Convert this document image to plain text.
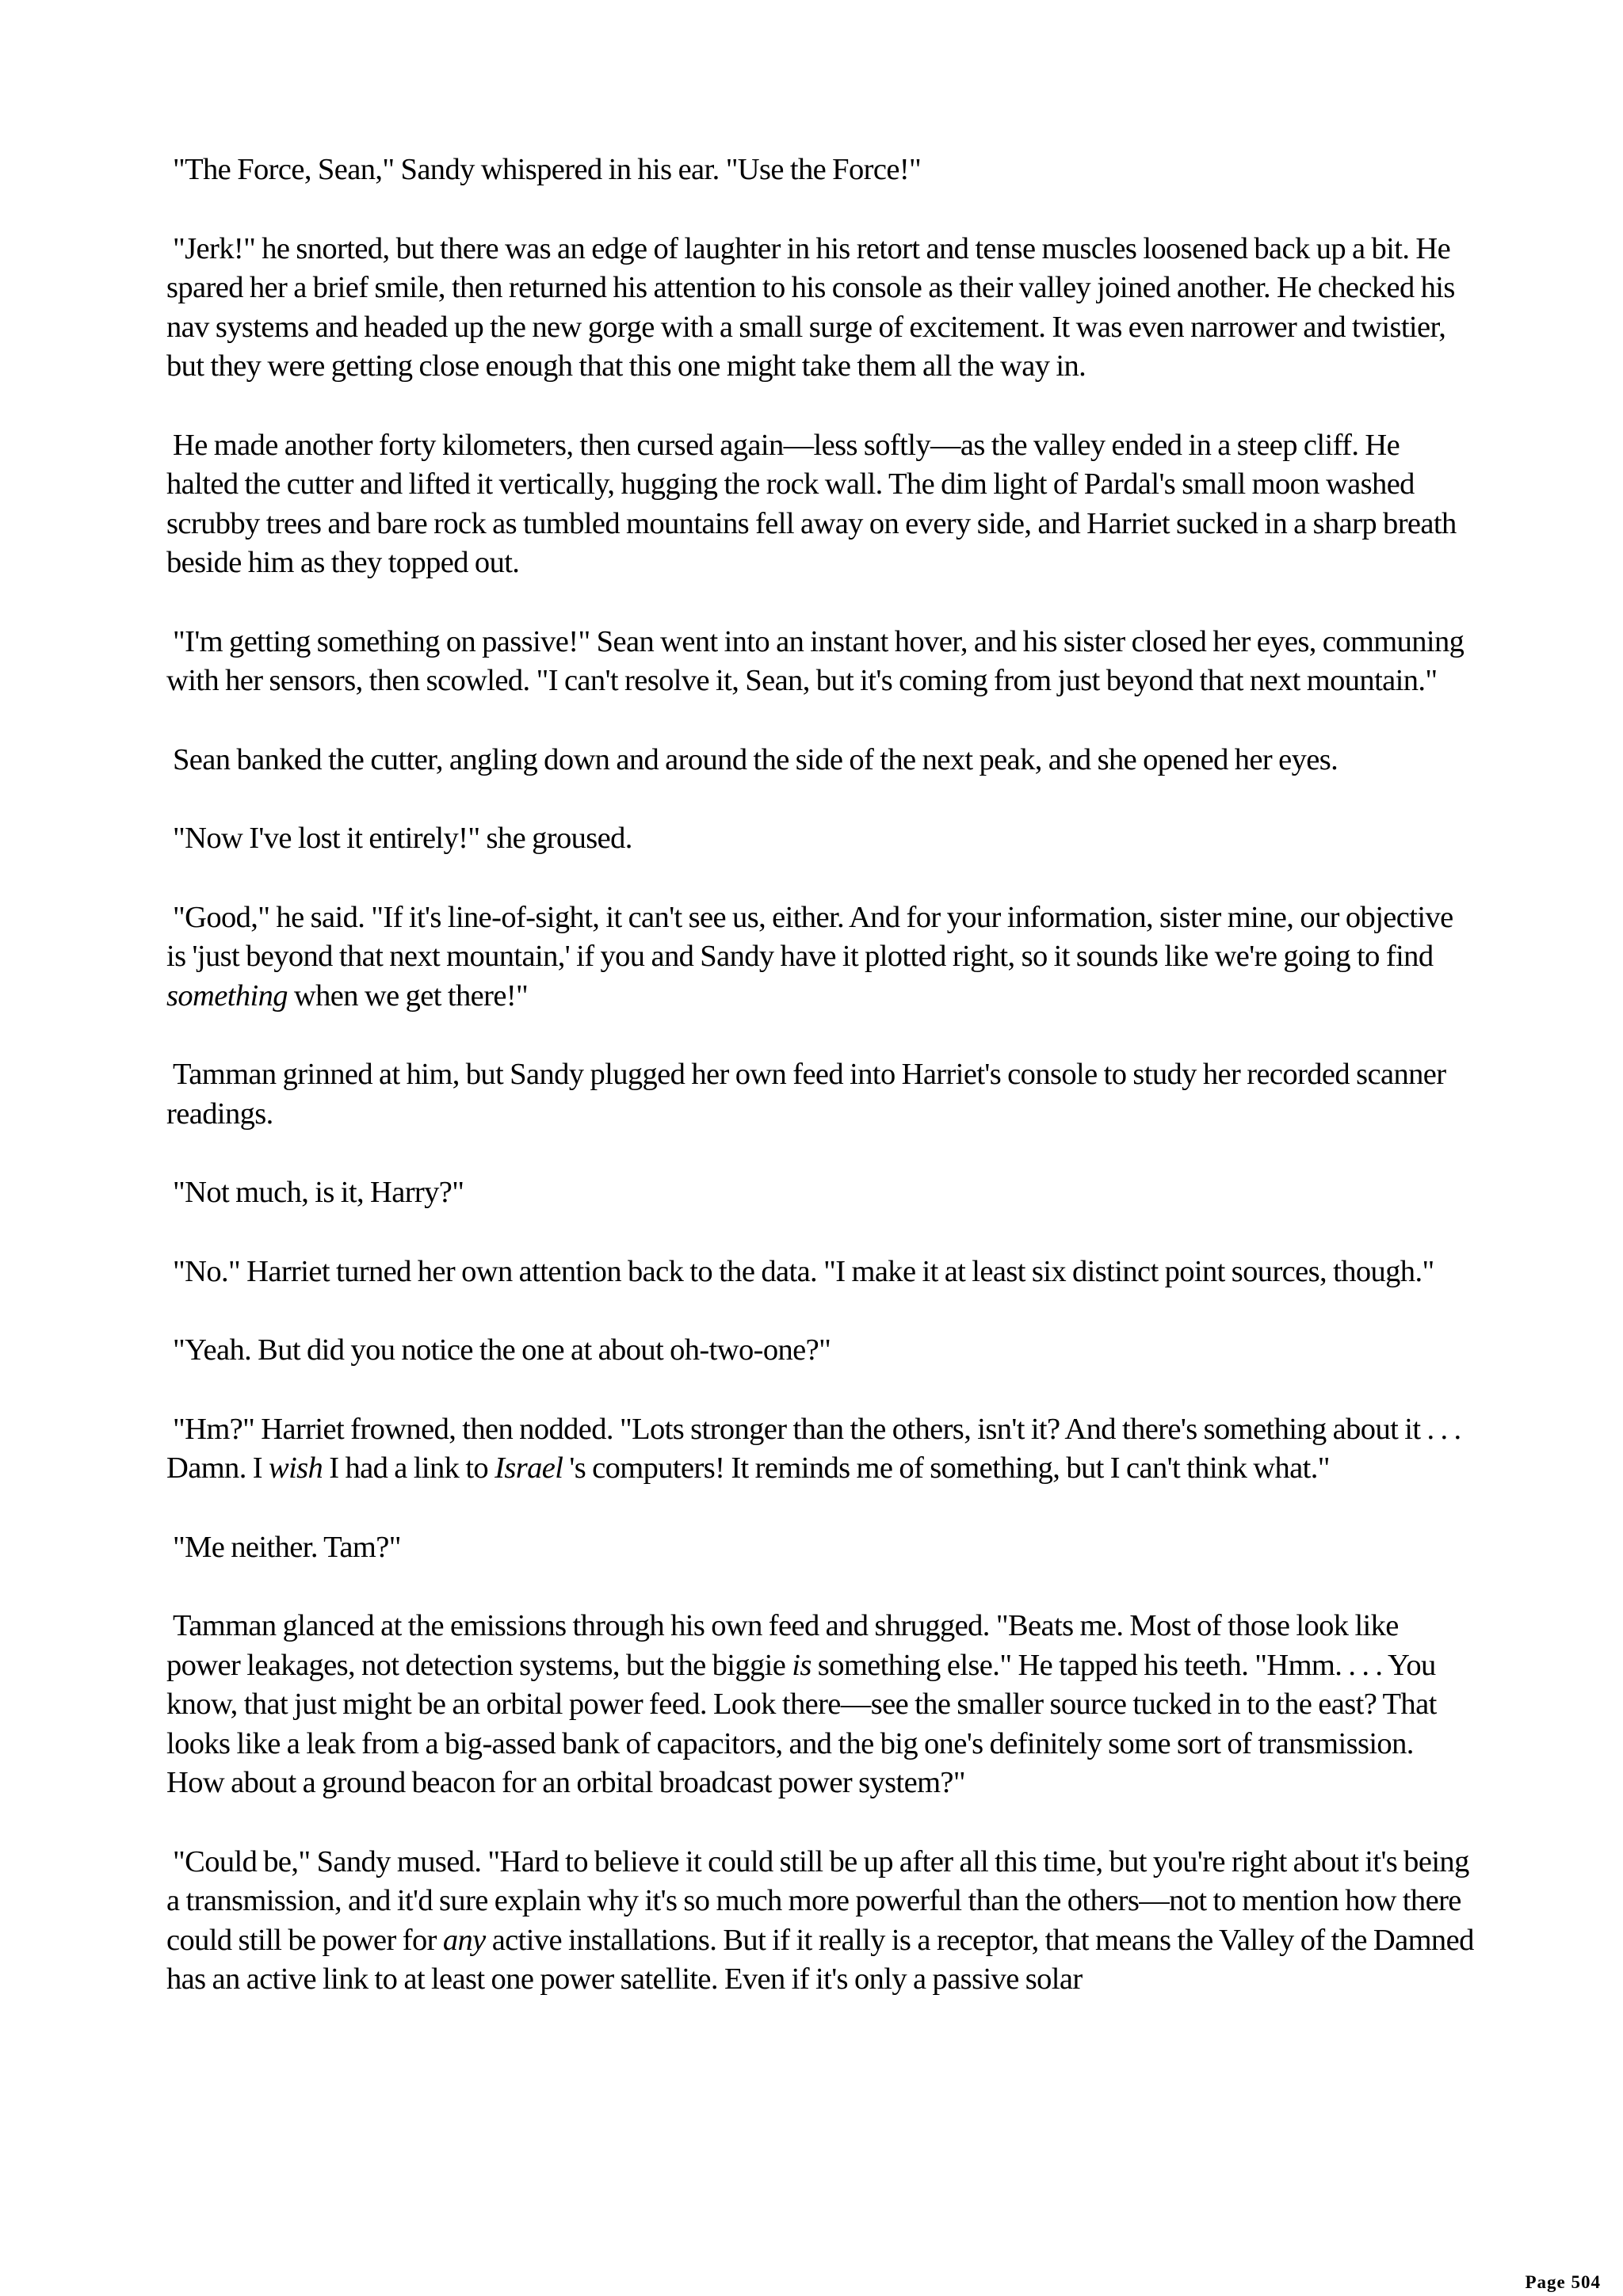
"The Force, Sean," Sandy whispered in his ear. "Use the Force!"

"Jerk!" he snorted, but there was an edge of laughter in his retort and tense muscles loosened back up a bit. He spared her a brief smile, then returned his attention to his console as their valley joined another. He checked his nav systems and headed up the new gorge with a small surge of excitement. It was even narrower and twistier, but they were getting close enough that this one might take them all the way in.

He made another forty kilometers, then cursed again—less softly—as the valley ended in a steep cliff. He halted the cutter and lifted it vertically, hugging the rock wall. The dim light of Pardal's small moon washed scrubby trees and bare rock as tumbled mountains fell away on every side, and Harriet sucked in a sharp breath beside him as they topped out.

"I'm getting something on passive!" Sean went into an instant hover, and his sister closed her eyes, communing with her sensors, then scowled. "I can't resolve it, Sean, but it's coming from just beyond that next mountain."

Sean banked the cutter, angling down and around the side of the next peak, and she opened her eyes.

"Now I've lost it entirely!" she groused.

"Good," he said. "If it's line-of-sight, it can't see us, either. And for your information, sister mine, our objective is 'just beyond that next mountain,' if you and Sandy have it plotted right, so it sounds like we're going to find something when we get there!"

Tamman grinned at him, but Sandy plugged her own feed into Harriet's console to study her recorded scanner readings.

"Not much, is it, Harry?"

"No." Harriet turned her own attention back to the data. "I make it at least six distinct point sources, though."

"Yeah. But did you notice the one at about oh-two-one?"

"Hm?" Harriet frowned, then nodded. "Lots stronger than the others, isn't it? And there's something about it . . . Damn. I wish I had a link to Israel 's computers! It reminds me of something, but I can't think what."

"Me neither. Tam?"

Tamman glanced at the emissions through his own feed and shrugged. "Beats me. Most of those look like power leakages, not detection systems, but the biggie is something else." He tapped his teeth. "Hmm. . . . You know, that just might be an orbital power feed. Look there—see the smaller source tucked in to the east? That looks like a leak from a big-assed bank of capacitors, and the big one's definitely some sort of transmission. How about a ground beacon for an orbital broadcast power system?"

"Could be," Sandy mused. "Hard to believe it could still be up after all this time, but you're right about it's being a transmission, and it'd sure explain why it's so much more powerful than the others—not to mention how there could still be power for any active installations. But if it really is a receptor, that means the Valley of the Damned has an active link to at least one power satellite. Even if it's only a passive solar

Page 504
